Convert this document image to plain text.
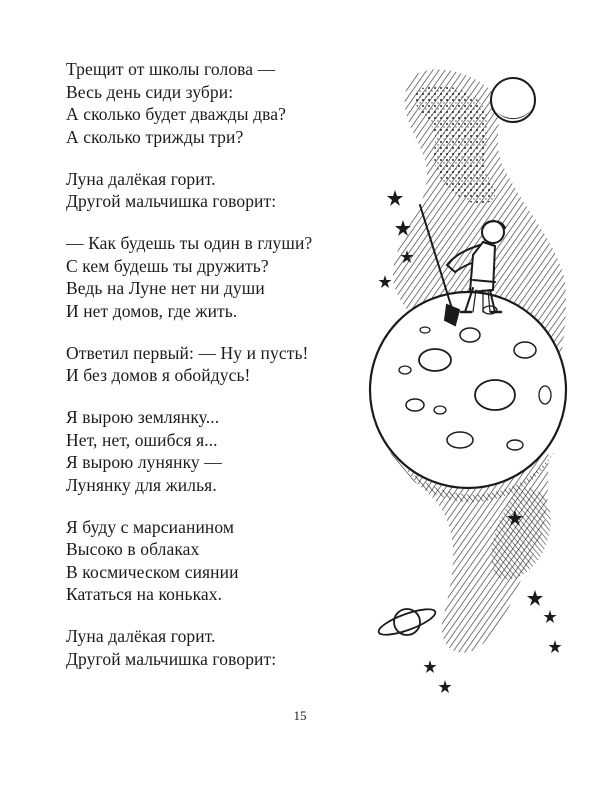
Трещит от школы голова —
Весь день сиди зубри:
А сколько будет дважды два?
А сколько трижды три?
Луна далёкая горит.
Другой мальчишка говорит:
— Как будешь ты один в глуши?
С кем будешь ты дружить?
Ведь на Луне нет ни души
И нет домов, где жить.
Ответил первый: — Ну и пусть!
И без домов я обойдусь!
Я вырою землянку...
Нет, нет, ошибся я...
Я вырою лунянку —
Лунянку для жилья.
Я буду с марсианином
Высоко в облаках
В космическом сиянии
Кататься на коньках.
Луна далёкая горит.
Другой мальчишка говорит:
15
